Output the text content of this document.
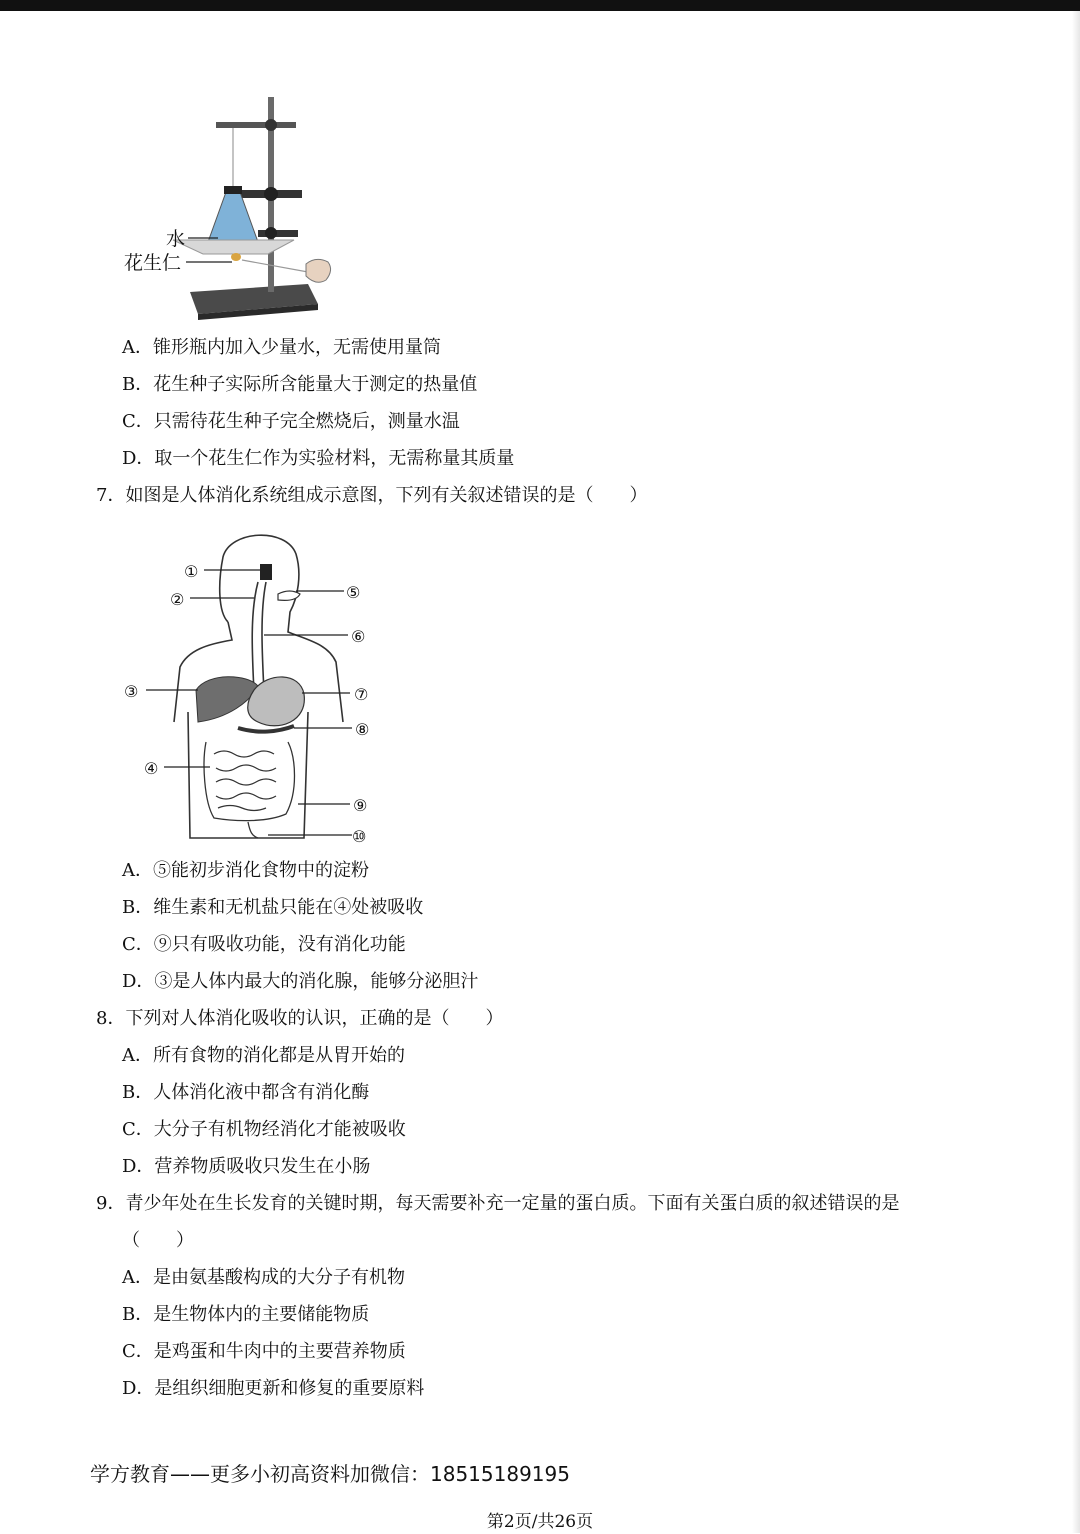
水
花生仁
A．锥形瓶内加入少量水，无需使用量筒
B．花生种子实际所含能量大于测定的热量值
C．只需待花生种子完全燃烧后，测量水温
D．取一个花生仁作为实验材料，无需称量其质量
7．如图是人体消化系统组成示意图，下列有关叙述错误的是（　　）
①
②
③
④
⑤
⑥
⑦
⑧
⑨
⑩
A．⑤能初步消化食物中的淀粉
B．维生素和无机盐只能在④处被吸收
C．⑨只有吸收功能，没有消化功能
D．③是人体内最大的消化腺，能够分泌胆汁
8．下列对人体消化吸收的认识，正确的是（　　）
A．所有食物的消化都是从胃开始的
B．人体消化液中都含有消化酶
C．大分子有机物经消化才能被吸收
D．营养物质吸收只发生在小肠
9．青少年处在生长发育的关键时期，每天需要补充一定量的蛋白质。下面有关蛋白质的叙述错误的是
（　　）
A．是由氨基酸构成的大分子有机物
B．是生物体内的主要储能物质
C．是鸡蛋和牛肉中的主要营养物质
D．是组织细胞更新和修复的重要原料
学方教育——更多小初高资料加微信：18515189195
第2页/共26页
